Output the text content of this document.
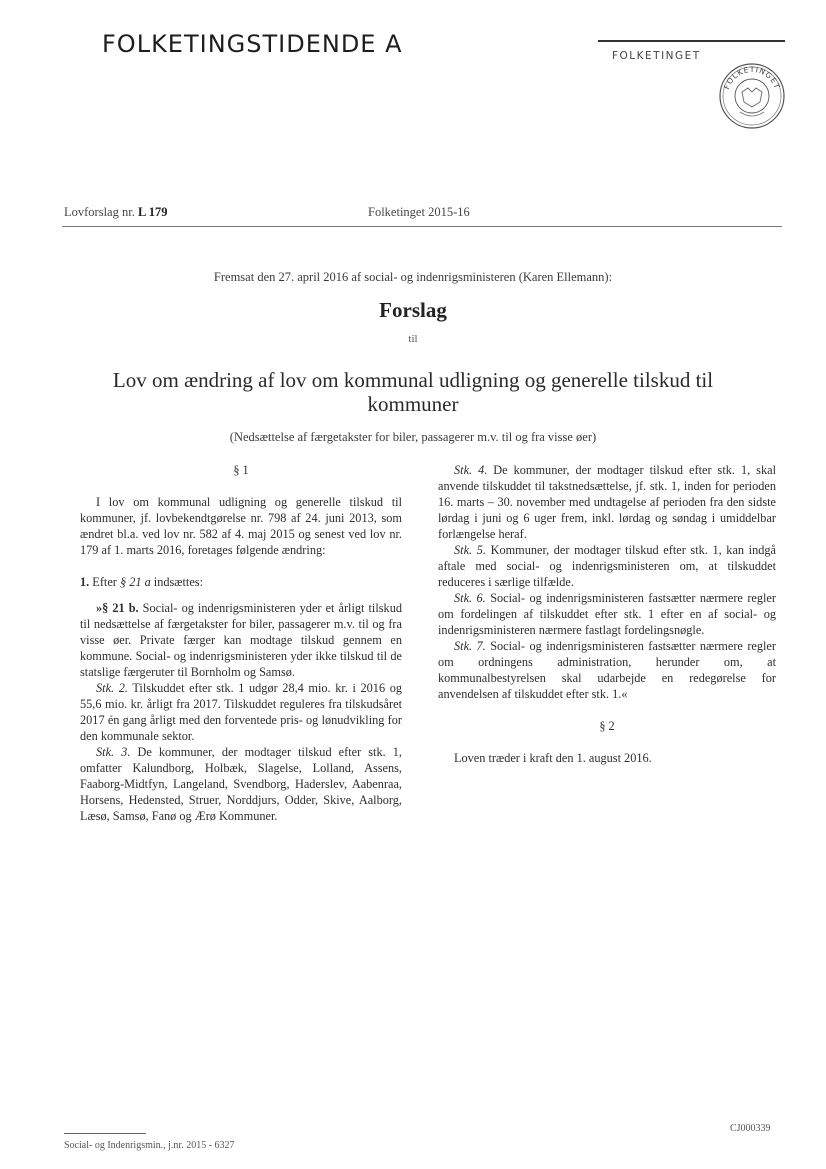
FOLKETINGSTIDENDE A	FOLKETINGET
FOLKETINGET
Lovforslag nr. L 179	Folketinget 2015-16
Fremsat den 27. april 2016 af social- og indenrigsministeren (Karen Ellemann):
Forslag
til
Lov om ændring af lov om kommunal udligning og generelle tilskud til kommuner
(Nedsættelse af færgetakster for biler, passagerer m.v. til og fra visse øer)

§ 1

I lov om kommunal udligning og generelle tilskud til kommuner, jf. lovbekendtgørelse nr. 798 af 24. juni 2013, som ændret bl.a. ved lov nr. 582 af 4. maj 2015 og senest ved lov nr. 179 af 1. marts 2016, foretages følgende ændring:

1. Efter § 21 a indsættes:

»§ 21 b. Social- og indenrigsministeren yder et årligt tilskud til nedsættelse af færgetakster for biler, passagerer m.v. til og fra visse øer. Private færger kan modtage tilskud gennem en kommune. Social- og indenrigsministeren yder ikke tilskud til de statslige færgeruter til Bornholm og Samsø.

Stk. 2. Tilskuddet efter stk. 1 udgør 28,4 mio. kr. i 2016 og 55,6 mio. kr. årligt fra 2017. Tilskuddet reguleres fra tilskudsåret 2017 én gang årligt med den forventede pris- og lønudvikling for den kommunale sektor.

Stk. 3. De kommuner, der modtager tilskud efter stk. 1, omfatter Kalundborg, Holbæk, Slagelse, Lolland, Assens, Faaborg-Midtfyn, Langeland, Svendborg, Haderslev, Aabenraa, Horsens, Hedensted, Struer, Norddjurs, Odder, Skive, Aalborg, Læsø, Samsø, Fanø og Ærø Kommuner.

Stk. 4. De kommuner, der modtager tilskud efter stk. 1, skal anvende tilskuddet til takstnedsættelse, jf. stk. 1, inden for perioden 16. marts – 30. november med undtagelse af perioden fra den sidste lørdag i juni og 6 uger frem, inkl. lørdag og søndag i umiddelbar forlængelse heraf.

Stk. 5. Kommuner, der modtager tilskud efter stk. 1, kan indgå aftale med social- og indenrigsministeren om, at tilskuddet reduceres i særlige tilfælde.

Stk. 6. Social- og indenrigsministeren fastsætter nærmere regler om fordelingen af tilskuddet efter stk. 1 efter en af social- og indenrigsministeren nærmere fastlagt fordelingsnøgle.

Stk. 7. Social- og indenrigsministeren fastsætter nærmere regler om ordningens administration, herunder om, at kommunalbestyrelsen skal udarbejde en redegørelse for anvendelsen af tilskuddet efter stk. 1.«

§ 2

Loven træder i kraft den 1. august 2016.

Social- og Indenrigsmin., j.nr. 2015 - 6327
CJ000339
